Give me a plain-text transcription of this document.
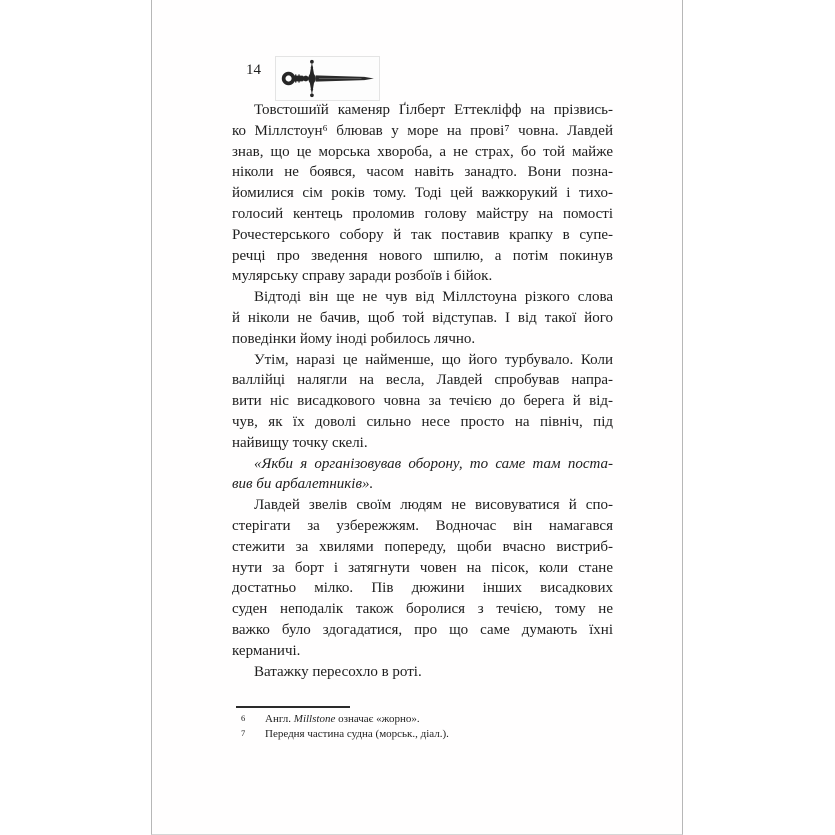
14
Товстошиїй каменяр Ґілберт Еттекліфф на прізвись-
ко Міллстоун⁶ блював у море на прові⁷ човна. Лавдей
знав, що це морська хвороба, а не страх, бо той майже
ніколи не боявся, часом навіть занадто. Вони позна-
йомилися сім років тому. Тоді цей важкорукий і тихо-
голосий кентець проломив голову майстру на помості
Рочестерського собору й так поставив крапку в супе-
речці про зведення нового шпилю, а потім покинув
мулярську справу заради розбоїв і бійок.
Відтоді він ще не чув від Міллстоуна різкого слова
й ніколи не бачив, щоб той відступав. І від такої його
поведінки йому іноді робилось лячно.
Утім, наразі це найменше, що його турбувало. Коли
валлійці налягли на весла, Лавдей спробував напра-
вити ніс висадкового човна за течією до берега й від-
чув, як їх доволі сильно несе просто на північ, під
найвищу точку скелі.
«Якби я організовував оборону, то саме там поста-
вив би арбалетників».
Лавдей звелів своїм людям не висовуватися й спо-
стерігати за узбережжям. Водночас він намагався
стежити за хвилями попереду, щоби вчасно вистриб-
нути за борт і затягнути човен на пісок, коли стане
достатньо мілко. Пів дюжини інших висадкових
суден неподалік також боролися з течією, тому не
важко було здогадатися, про що саме думають їхні
керманичі.
Ватажку пересохло в роті.
6 Англ. Millstone означає «жорно».
7 Передня частина судна (морськ., діал.).
